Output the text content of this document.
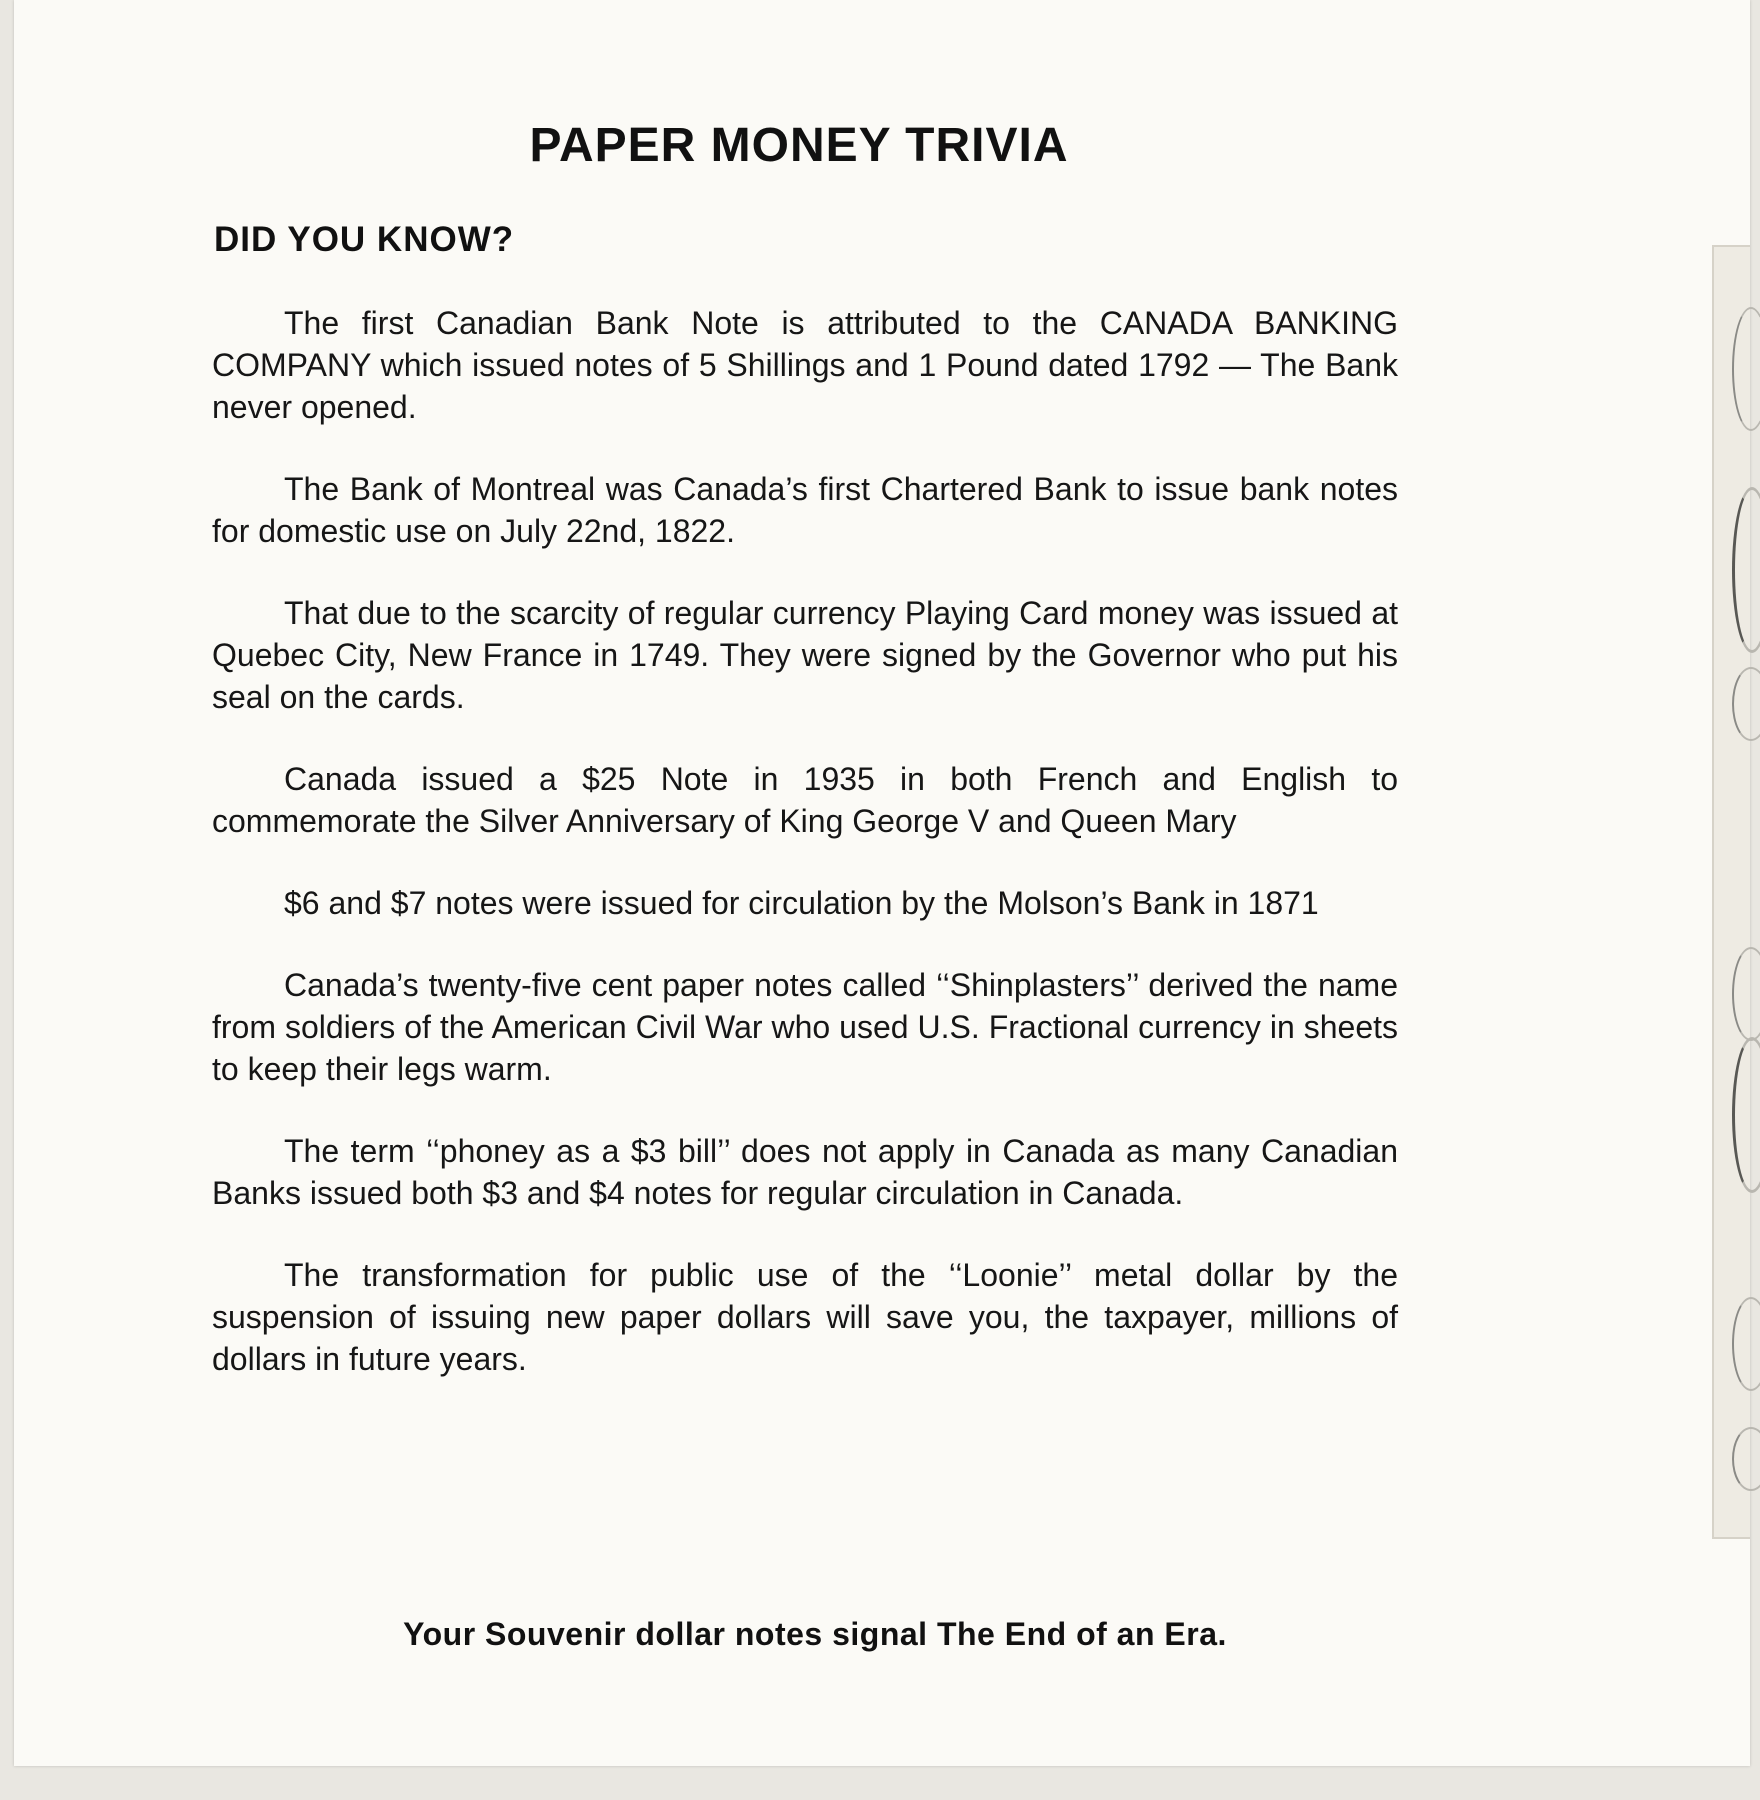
PAPER MONEY TRIVIA
DID YOU KNOW?

The first Canadian Bank Note is attributed to the CANADA BANKING COMPANY which issued notes of 5 Shillings and 1 Pound dated 1792 — The Bank never opened.

The Bank of Montreal was Canada’s first Chartered Bank to issue bank notes for domestic use on July 22nd, 1822.

That due to the scarcity of regular currency Playing Card money was issued at Quebec City, New France in 1749. They were signed by the Governor who put his seal on the cards.

Canada issued a $25 Note in 1935 in both French and English to commemorate the Silver Anniversary of King George V and Queen Mary

$6 and $7 notes were issued for circulation by the Molson’s Bank in 1871

Canada’s twenty-five cent paper notes called ‘‘Shinplasters’’ derived the name from soldiers of the American Civil War who used U.S. Fractional currency in sheets to keep their legs warm.

The term ‘‘phoney as a $3 bill’’ does not apply in Canada as many Canadian Banks issued both $3 and $4 notes for regular circulation in Canada.

The transformation for public use of the ‘‘Loonie’’ metal dollar by the suspension of issuing new paper dollars will save you, the taxpayer, millions of dollars in future years.

Your Souvenir dollar notes signal The End of an Era.
